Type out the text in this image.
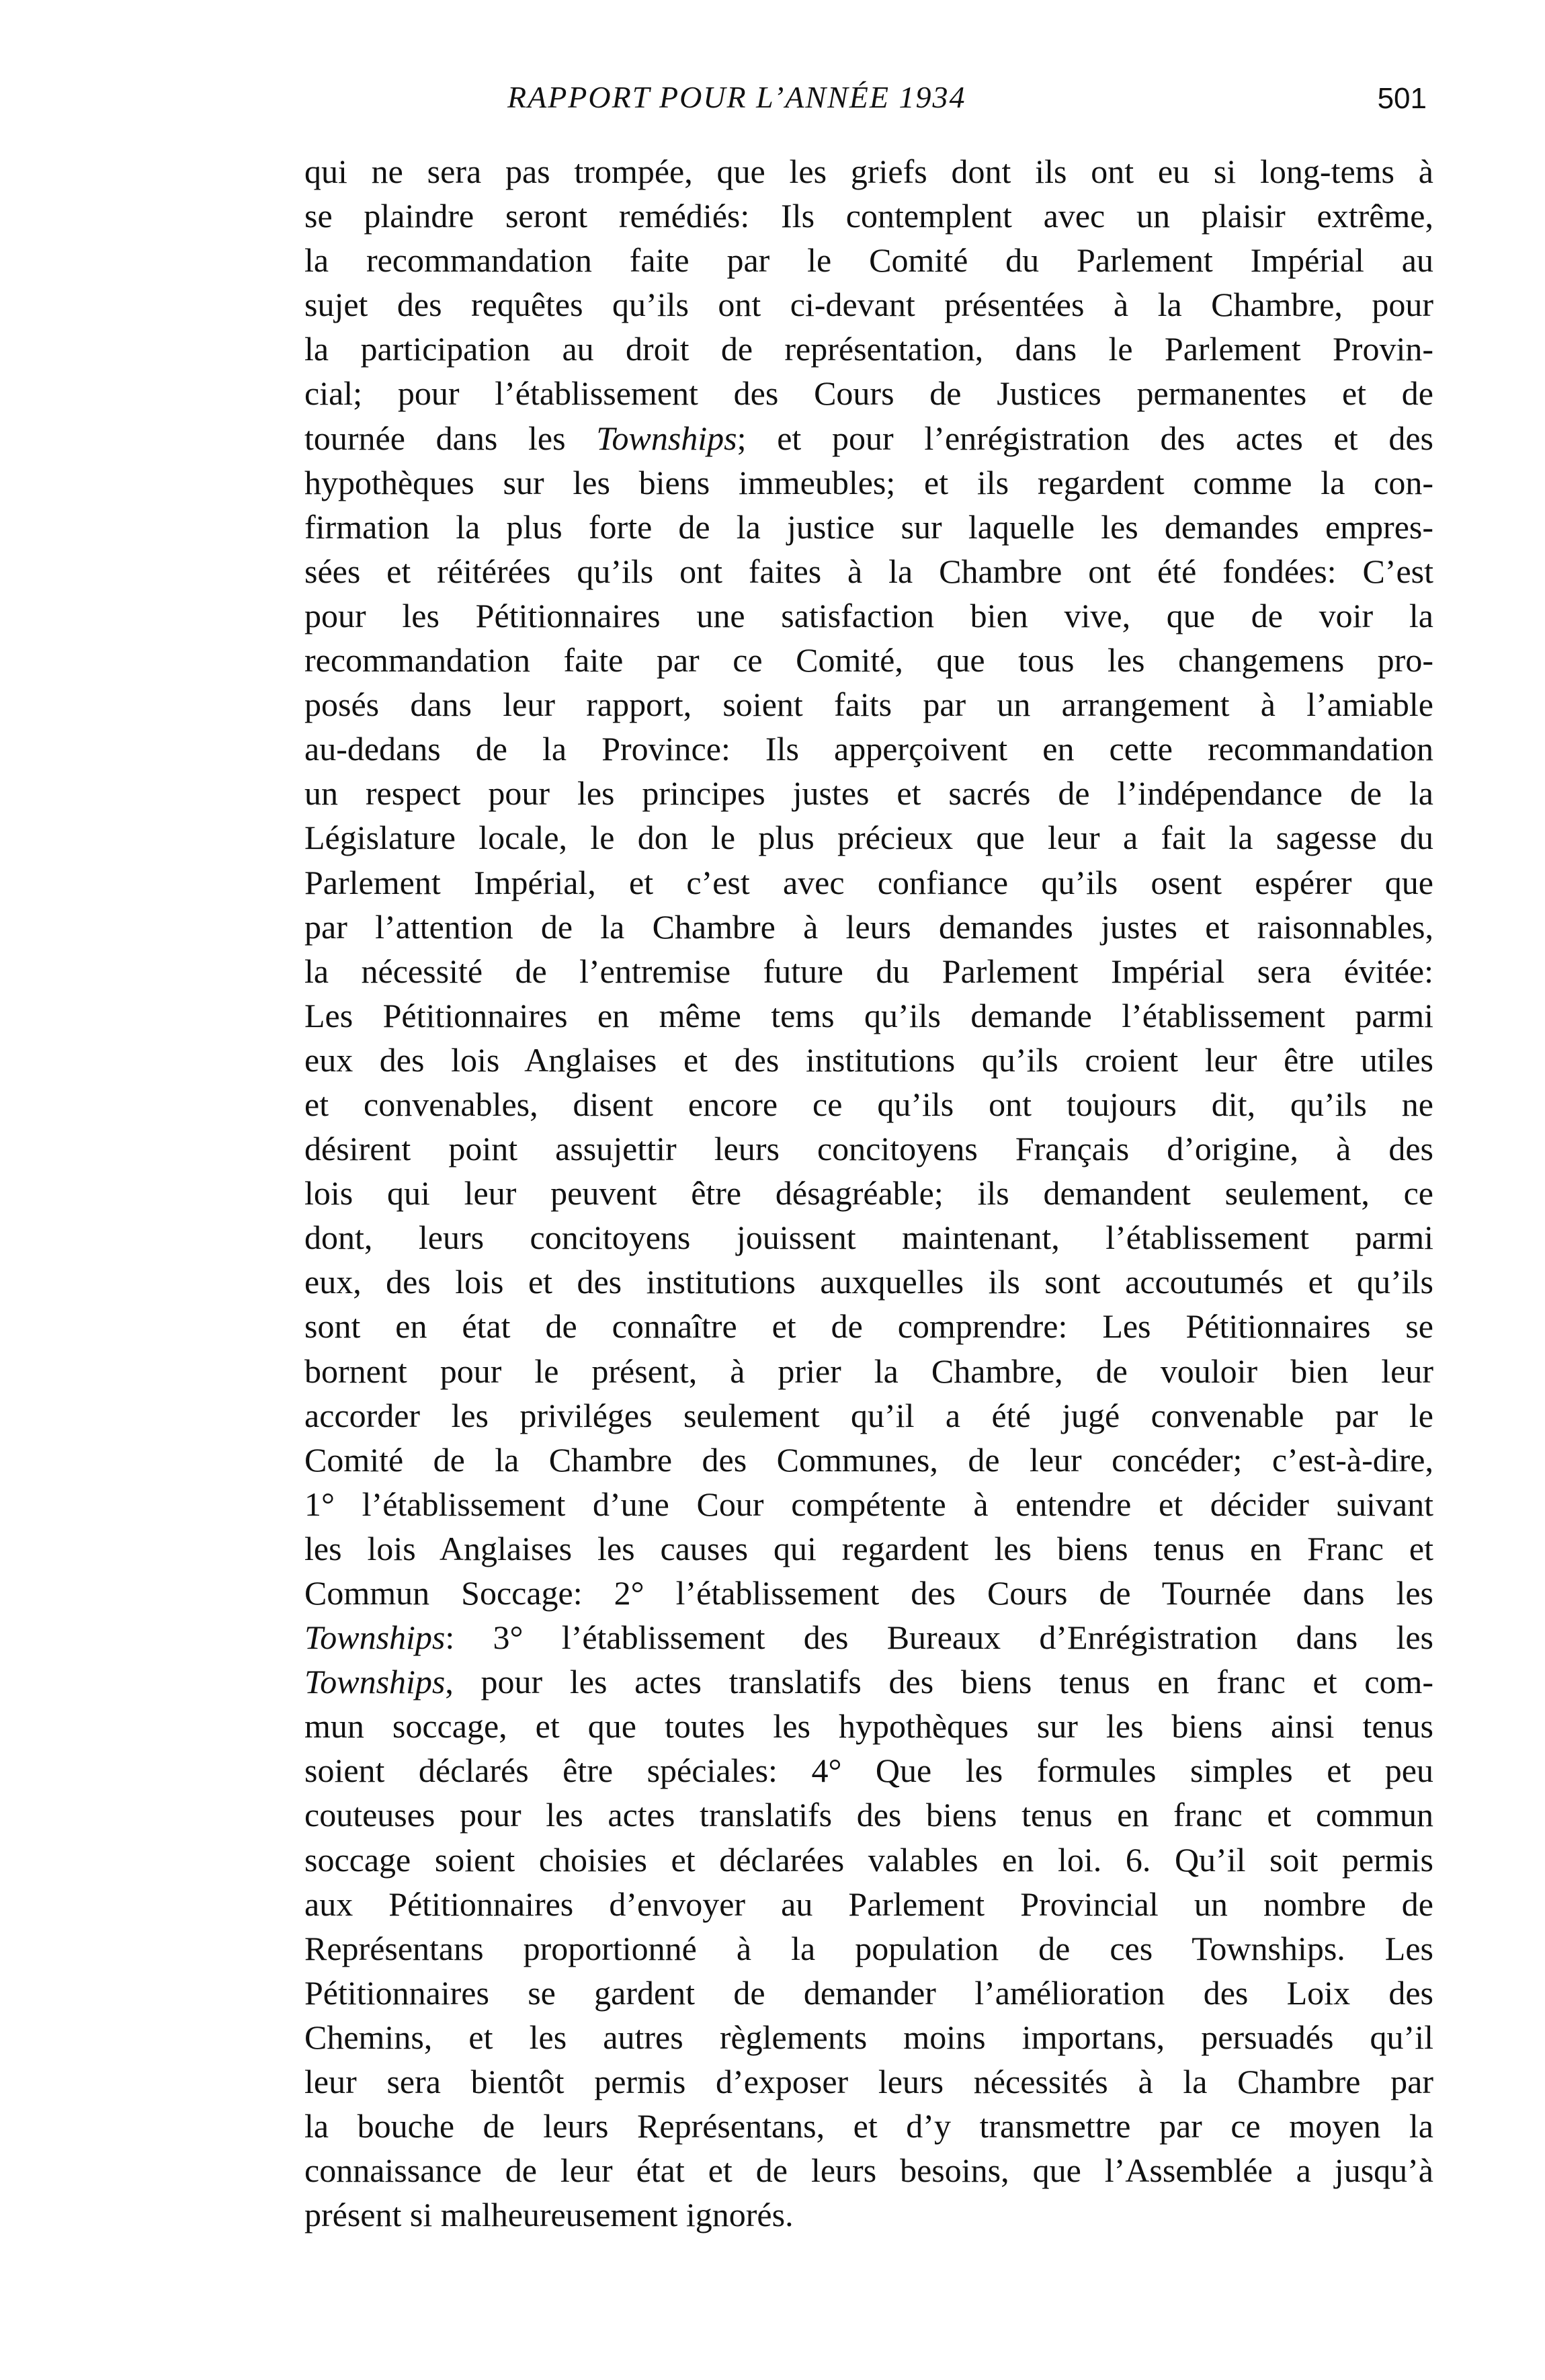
RAPPORT POUR L’ANNÉE 1934	501
qui ne sera pas trompée, que les griefs dont ils ont eu si long-tems à
se plaindre seront remédiés: Ils contemplent avec un plaisir extrême,
la recommandation faite par le Comité du Parlement Impérial au
sujet des requêtes qu’ils ont ci-devant présentées à la Chambre, pour
la participation au droit de représentation, dans le Parlement Provin-
cial; pour l’établissement des Cours de Justices permanentes et de
tournée dans les Townships; et pour l’enrégistration des actes et des
hypothèques sur les biens immeubles; et ils regardent comme la con-
firmation la plus forte de la justice sur laquelle les demandes empres-
sées et réitérées qu’ils ont faites à la Chambre ont été fondées: C’est
pour les Pétitionnaires une satisfaction bien vive, que de voir la
recommandation faite par ce Comité, que tous les changemens pro-
posés dans leur rapport, soient faits par un arrangement à l’amiable
au-dedans de la Province: Ils apperçoivent en cette recommandation
un respect pour les principes justes et sacrés de l’indépendance de la
Législature locale, le don le plus précieux que leur a fait la sagesse du
Parlement Impérial, et c’est avec confiance qu’ils osent espérer que
par l’attention de la Chambre à leurs demandes justes et raisonnables,
la nécessité de l’entremise future du Parlement Impérial sera évitée:
Les Pétitionnaires en même tems qu’ils demande l’établissement parmi
eux des lois Anglaises et des institutions qu’ils croient leur être utiles
et convenables, disent encore ce qu’ils ont toujours dit, qu’ils ne
désirent point assujettir leurs concitoyens Français d’origine, à des
lois qui leur peuvent être désagréable; ils demandent seulement, ce
dont, leurs concitoyens jouissent maintenant, l’établissement parmi
eux, des lois et des institutions auxquelles ils sont accoutumés et qu’ils
sont en état de connaître et de comprendre: Les Pétitionnaires se
bornent pour le présent, à prier la Chambre, de vouloir bien leur
accorder les priviléges seulement qu’il a été jugé convenable par le
Comité de la Chambre des Communes, de leur concéder; c’est-à-dire,
1° l’établissement d’une Cour compétente à entendre et décider suivant
les lois Anglaises les causes qui regardent les biens tenus en Franc et
Commun Soccage: 2° l’établissement des Cours de Tournée dans les
Townships: 3° l’établissement des Bureaux d’Enrégistration dans les
Townships, pour les actes translatifs des biens tenus en franc et com-
mun soccage, et que toutes les hypothèques sur les biens ainsi tenus
soient déclarés être spéciales: 4° Que les formules simples et peu
couteuses pour les actes translatifs des biens tenus en franc et commun
soccage soient choisies et déclarées valables en loi. 6. Qu’il soit permis
aux Pétitionnaires d’envoyer au Parlement Provincial un nombre de
Représentans proportionné à la population de ces Townships. Les
Pétitionnaires se gardent de demander l’amélioration des Loix des
Chemins, et les autres règlements moins importans, persuadés qu’il
leur sera bientôt permis d’exposer leurs nécessités à la Chambre par
la bouche de leurs Représentans, et d’y transmettre par ce moyen la
connaissance de leur état et de leurs besoins, que l’Assemblée a jusqu’à
présent si malheureusement ignorés.
